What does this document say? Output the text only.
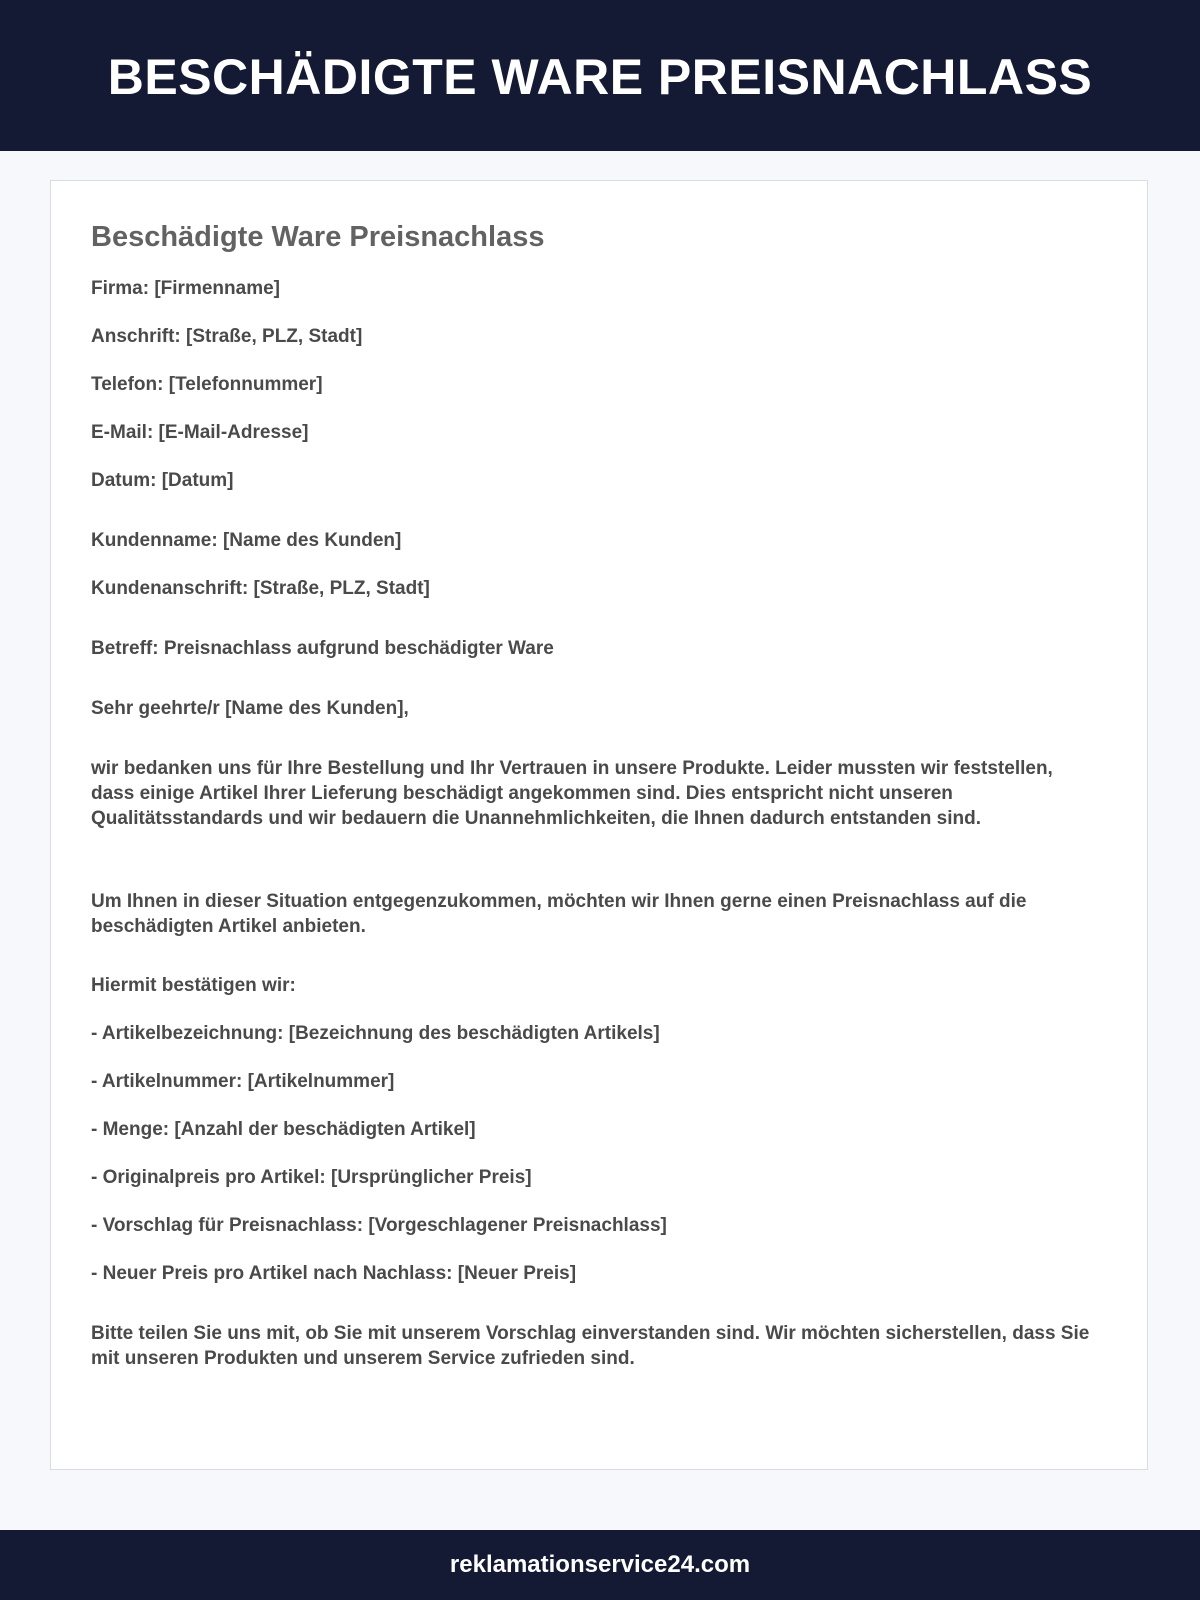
BESCHÄDIGTE WARE PREISNACHLASS
Beschädigte Ware Preisnachlass

Firma: [Firmenname]

Anschrift: [Straße, PLZ, Stadt]

Telefon: [Telefonnummer]

E-Mail: [E-Mail-Adresse]

Datum: [Datum]

Kundenname: [Name des Kunden]

Kundenanschrift: [Straße, PLZ, Stadt]

Betreff: Preisnachlass aufgrund beschädigter Ware

Sehr geehrte/r [Name des Kunden],

wir bedanken uns für Ihre Bestellung und Ihr Vertrauen in unsere Produkte. Leider mussten wir feststellen, dass einige Artikel Ihrer Lieferung beschädigt angekommen sind. Dies entspricht nicht unseren Qualitätsstandards und wir bedauern die Unannehmlichkeiten, die Ihnen dadurch entstanden sind.

Um Ihnen in dieser Situation entgegenzukommen, möchten wir Ihnen gerne einen Preisnachlass auf die beschädigten Artikel anbieten.

Hiermit bestätigen wir:

- Artikelbezeichnung: [Bezeichnung des beschädigten Artikels]

- Artikelnummer: [Artikelnummer]

- Menge: [Anzahl der beschädigten Artikel]

- Originalpreis pro Artikel: [Ursprünglicher Preis]

- Vorschlag für Preisnachlass: [Vorgeschlagener Preisnachlass]

- Neuer Preis pro Artikel nach Nachlass: [Neuer Preis]

Bitte teilen Sie uns mit, ob Sie mit unserem Vorschlag einverstanden sind. Wir möchten sicherstellen, dass Sie mit unseren Produkten und unserem Service zufrieden sind.

reklamationservice24.com
